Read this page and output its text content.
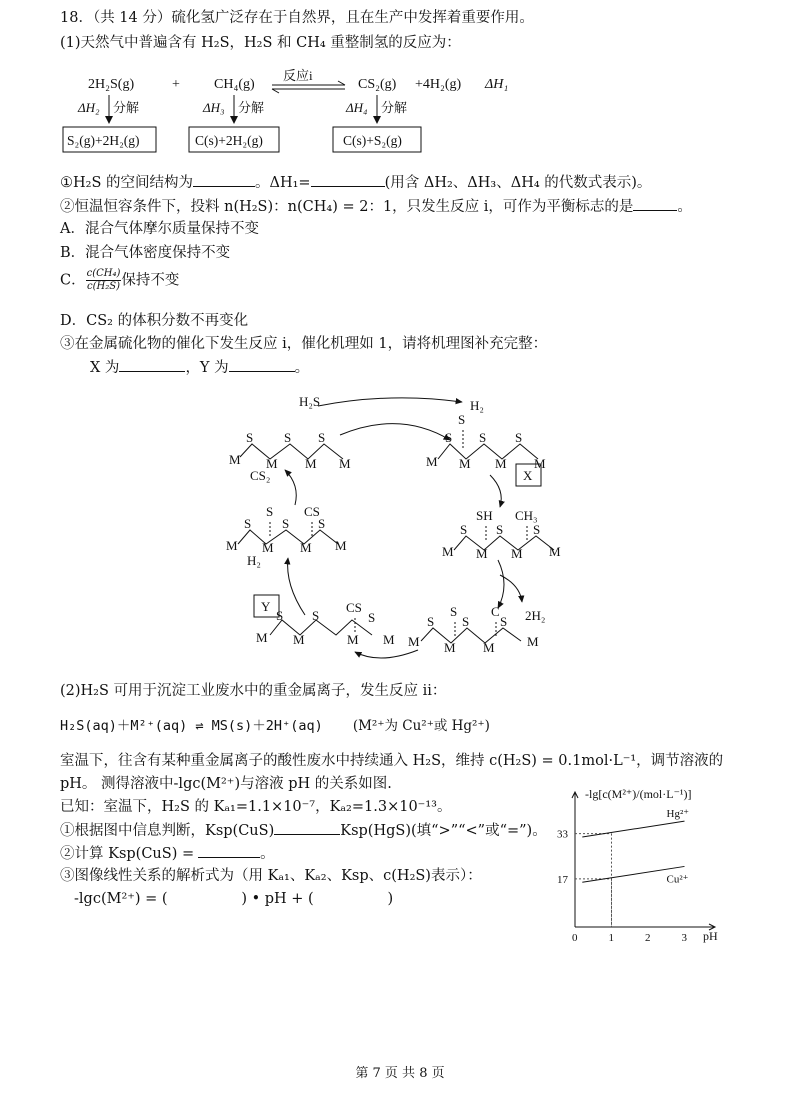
18．（共 14 分）硫化氢广泛存在于自然界，且在生产中发挥着重要作用。
(1)天然气中普遍含有 H₂S，H₂S 和 CH₄ 重整制氢的反应为：
2H₂S(g)	+ CH₄(g)
反应i
CS₂(g) +4H₂(g) ΔH₁
ΔH₂ 分解	ΔH₃ 分解	ΔH₄ 分解
S₂(g)+2H₂(g)	C(s)+2H₂(g)	C(s)+S₂(g)
①H₂S 的空间结构为	。ΔH₁=	(用含 ΔH₂、ΔH₃、ΔH₄ 的代数式表示)。
②恒温恒容条件下，投料 n(H₂S)：n(CH₄) = 2：1，只发生反应 i，可作为平衡标志的是	。
A．混合气体摩尔质量保持不变
B．混合气体密度保持不变
C． $\frac{\text{c(CH₄)}}{\text{c(H₂S)}}$ 保持不变
D．CS₂ 的体积分数不再变化
③在金属硫化物的催化下发生反应 i，催化机理如 1，请将机理图补充完整：
X 为	，Y 为	。
H₂S	H₂
M
S
M
S
M
S
M
S
M
S
M
S
M
S
M
X
SH CH₃
M
S
M
S
M
S
M
2H₂
S	C
M
S
M
S
M
S
M
CS
M
S
M
S
M
S
M
Y
H₂
S CS
M
S
M
S
M
S
M
CS₂
(2)H₂S 可用于沉淀工业废水中的重金属离子，发生反应 ii：
H₂S(aq)＋M²⁺(aq) ⇌ MS(s)＋2H⁺(aq) (M²⁺为 Cu²⁺或 Hg²⁺)
室温下，往含有某种重金属离子的酸性废水中持续通入 H₂S，维持 c(H₂S) = 0.1mol·L⁻¹，调节溶液的
pH。 测得溶液中-lgc(M²⁺)与溶液 pH 的关系如图.
已知：室温下，H₂S 的 Kₐ₁=1.1×10⁻⁷，Kₐ₂=1.3×10⁻¹³。
①根据图中信息判断，Ksp(CuS)	Ksp(HgS)(填“>”“<”或“=”)。
②计算 Ksp(CuS) =	。
③图像线性关系的解析式为（用 Kₐ₁、Kₐ₂、Ksp、c(H₂S)表示）：
-lgc(M²⁺) = (                ) • pH + (                )
-lg[c(M²⁺)/(mol·L⁻¹)]
0	1	2	3
17
33
Hg²⁺
Cu²⁺
pH
第 7 页 共 8 页
